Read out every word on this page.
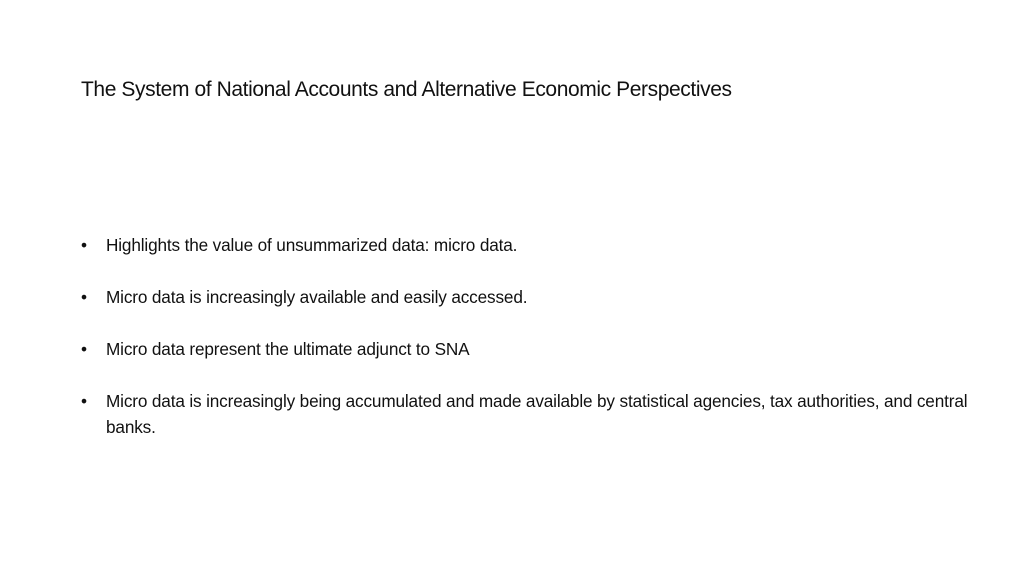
The System of National Accounts and Alternative Economic Perspectives
•	Highlights the value of unsummarized data: micro data.
•	Micro data is increasingly available and easily accessed.
•	Micro data represent the ultimate adjunct to SNA
•	Micro data is increasingly being accumulated and made available by statistical agencies, tax authorities, and central banks.
